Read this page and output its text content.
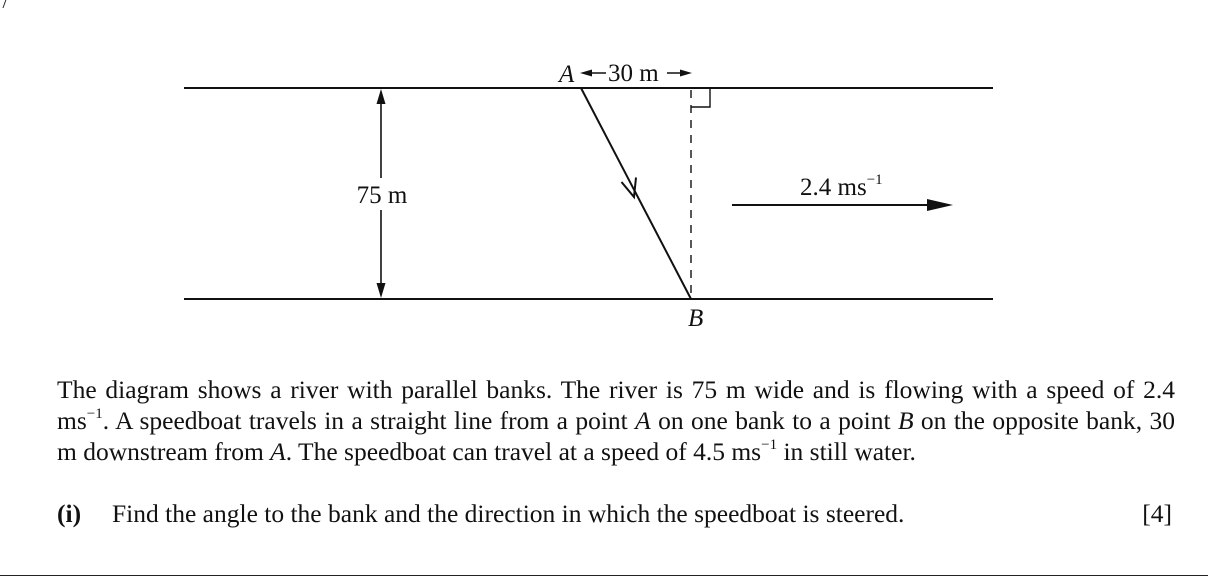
75 m
A 30 m
B
2.4 $ms^{-1}$
The diagram shows a river with parallel banks. The river is 75 m wide and is flowing with a speed of 2.4 $ms^{-1}$. A speedboat travels in a straight line from a point A on one bank to a point B on the opposite bank, 30 m downstream from A. The speedboat can travel at a speed of 4.5 $ms^{-1}$ in still water.
(i) Find the angle to the bank and the direction in which the speedboat is steered.	[4]
